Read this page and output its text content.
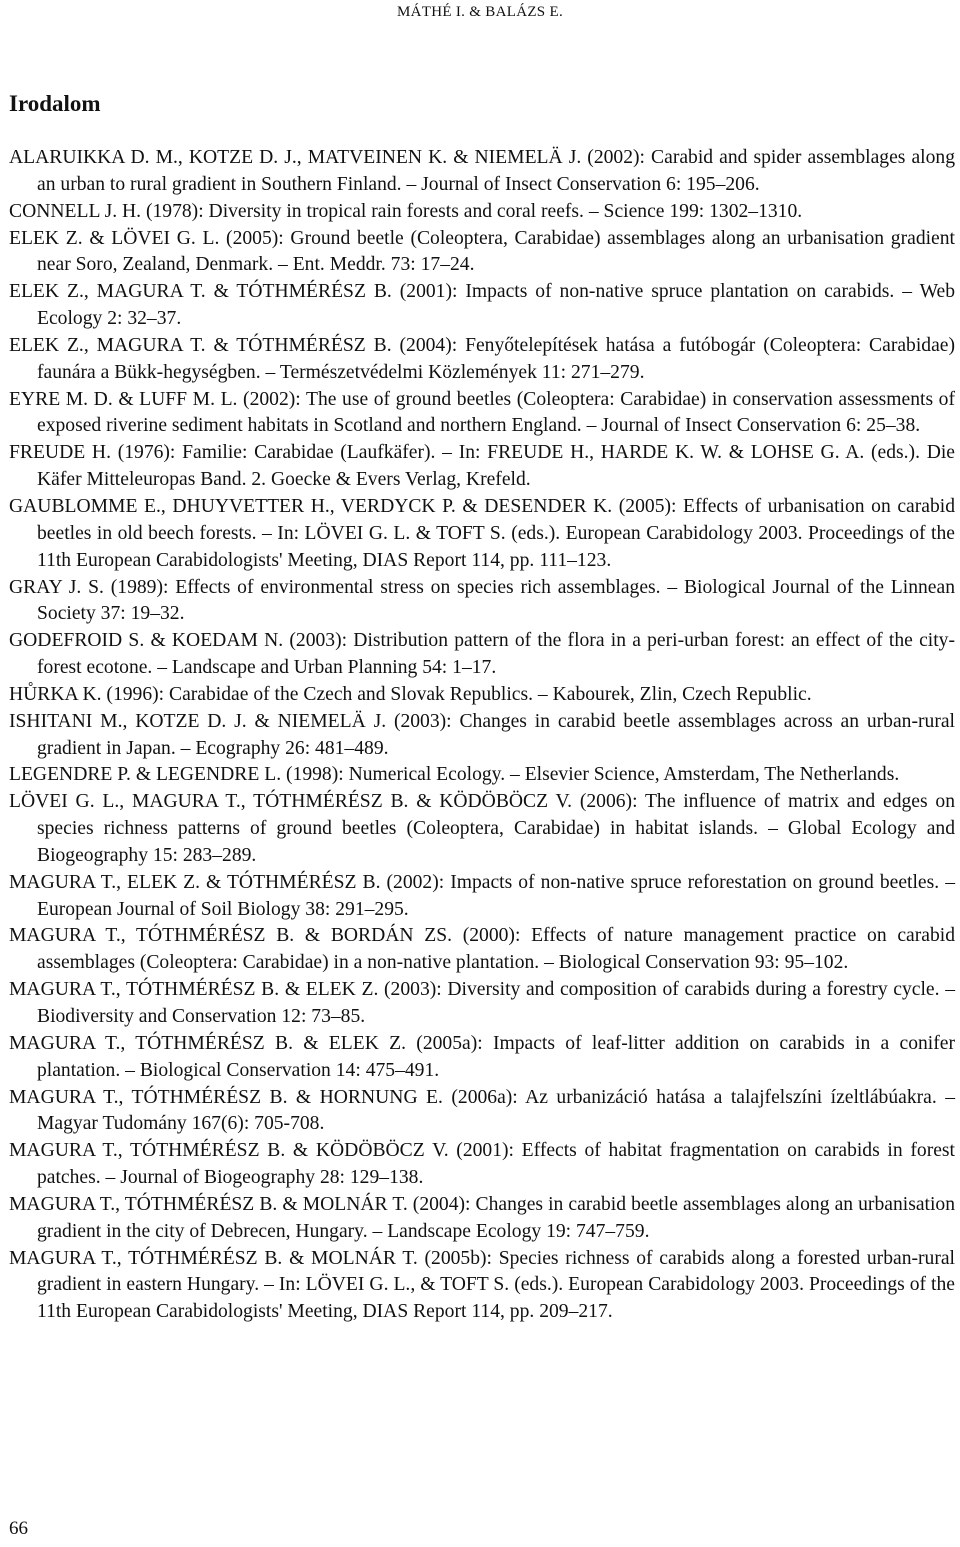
MÁTHÉ I. & BALÁZS E.
Irodalom
ALARUIKKA D. M., KOTZE D. J., MATVEINEN K. & NIEMELÄ J. (2002): Carabid and spider assemblages along an urban to rural gradient in Southern Finland. – Journal of Insect Conservation 6: 195–206.
CONNELL J. H. (1978): Diversity in tropical rain forests and coral reefs. – Science 199: 1302–1310.
ELEK Z. & LÖVEI G. L. (2005): Ground beetle (Coleoptera, Carabidae) assemblages along an urbanisation gradient near Soro, Zealand, Denmark. – Ent. Meddr. 73: 17–24.
ELEK Z., MAGURA T. & TÓTHMÉRÉSZ B. (2001): Impacts of non-native spruce plantation on carabids. – Web Ecology 2: 32–37.
ELEK Z., MAGURA T. & TÓTHMÉRÉSZ B. (2004): Fenyőtelepítések hatása a futóbogár (Coleoptera: Carabidae) faunára a Bükk-hegységben. – Természetvédelmi Közlemények 11: 271–279.
EYRE M. D. & LUFF M. L. (2002): The use of ground beetles (Coleoptera: Carabidae) in conservation assessments of exposed riverine sediment habitats in Scotland and northern England. – Journal of Insect Conservation 6: 25–38.
FREUDE H. (1976): Familie: Carabidae (Laufkäfer). – In: FREUDE H., HARDE K. W. & LOHSE G. A. (eds.). Die Käfer Mitteleuropas Band. 2. Goecke & Evers Verlag, Krefeld.
GAUBLOMME E., DHUYVETTER H., VERDYCK P. & DESENDER K. (2005): Effects of urbanisation on carabid beetles in old beech forests. – In: LÖVEI G. L. & TOFT S. (eds.). European Carabidology 2003. Proceedings of the 11th European Carabidologists' Meeting, DIAS Report 114, pp. 111–123.
GRAY J. S. (1989): Effects of environmental stress on species rich assemblages. – Biological Journal of the Linnean Society 37: 19–32.
GODEFROID S. & KOEDAM N. (2003): Distribution pattern of the flora in a peri-urban forest: an effect of the city-forest ecotone. – Landscape and Urban Planning 54: 1–17.
HŮRKA K. (1996): Carabidae of the Czech and Slovak Republics. – Kabourek, Zlin, Czech Republic.
ISHITANI M., KOTZE D. J. & NIEMELÄ J. (2003): Changes in carabid beetle assemblages across an urban-rural gradient in Japan. – Ecography 26: 481–489.
LEGENDRE P. & LEGENDRE L. (1998): Numerical Ecology. – Elsevier Science, Amsterdam, The Netherlands.
LÖVEI G. L., MAGURA T., TÓTHMÉRÉSZ B. & KÖDÖBÖCZ V. (2006): The influence of matrix and edges on species richness patterns of ground beetles (Coleoptera, Carabidae) in habitat islands. – Global Ecology and Biogeography 15: 283–289.
MAGURA T., ELEK Z. & TÓTHMÉRÉSZ B. (2002): Impacts of non-native spruce reforestation on ground beetles. – European Journal of Soil Biology 38: 291–295.
MAGURA T., TÓTHMÉRÉSZ B. & BORDÁN ZS. (2000): Effects of nature management practice on carabid assemblages (Coleoptera: Carabidae) in a non-native plantation. – Biological Conservation 93: 95–102.
MAGURA T., TÓTHMÉRÉSZ B. & ELEK Z. (2003): Diversity and composition of carabids during a forestry cycle. – Biodiversity and Conservation 12: 73–85.
MAGURA T., TÓTHMÉRÉSZ B. & ELEK Z. (2005a): Impacts of leaf-litter addition on carabids in a conifer plantation. – Biological Conservation 14: 475–491.
MAGURA T., TÓTHMÉRÉSZ B. & HORNUNG E. (2006a): Az urbanizáció hatása a talajfelszíni ízeltlábúakra. – Magyar Tudomány 167(6): 705-708.
MAGURA T., TÓTHMÉRÉSZ B. & KÖDÖBÖCZ V. (2001): Effects of habitat fragmentation on carabids in forest patches. – Journal of Biogeography 28: 129–138.
MAGURA T., TÓTHMÉRÉSZ B. & MOLNÁR T. (2004): Changes in carabid beetle assemblages along an urbanisation gradient in the city of Debrecen, Hungary. – Landscape Ecology 19: 747–759.
MAGURA T., TÓTHMÉRÉSZ B. & MOLNÁR T. (2005b): Species richness of carabids along a forested urban-rural gradient in eastern Hungary. – In: LÖVEI G. L., & TOFT S. (eds.). European Carabidology 2003. Proceedings of the 11th European Carabidologists' Meeting, DIAS Report 114, pp. 209–217.
66
